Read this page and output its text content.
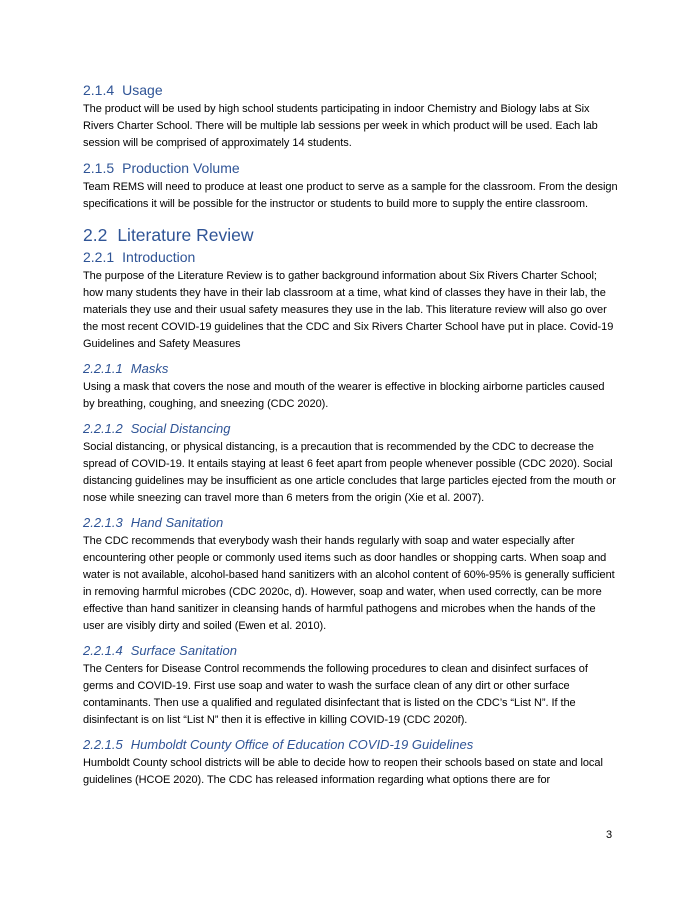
2.1.4 Usage

The product will be used by high school students participating in indoor Chemistry and Biology labs at Six Rivers Charter School. There will be multiple lab sessions per week in which product will be used. Each lab session will be comprised of approximately 14 students.

2.1.5 Production Volume

Team REMS will need to produce at least one product to serve as a sample for the classroom. From the design specifications it will be possible for the instructor or students to build more to supply the entire classroom.

2.2 Literature Review
2.2.1 Introduction

The purpose of the Literature Review is to gather background information about Six Rivers Charter School; how many students they have in their lab classroom at a time, what kind of classes they have in their lab, the materials they use and their usual safety measures they use in the lab. This literature review will also go over the most recent COVID-19 guidelines that the CDC and Six Rivers Charter School have put in place. Covid-19 Guidelines and Safety Measures

2.2.1.1 Masks

Using a mask that covers the nose and mouth of the wearer is effective in blocking airborne particles caused by breathing, coughing, and sneezing (CDC 2020).

2.2.1.2 Social Distancing

Social distancing, or physical distancing, is a precaution that is recommended by the CDC to decrease the spread of COVID-19. It entails staying at least 6 feet apart from people whenever possible (CDC 2020). Social distancing guidelines may be insufficient as one article concludes that large particles ejected from the mouth or nose while sneezing can travel more than 6 meters from the origin (Xie et al. 2007).

2.2.1.3 Hand Sanitation

The CDC recommends that everybody wash their hands regularly with soap and water especially after encountering other people or commonly used items such as door handles or shopping carts. When soap and water is not available, alcohol-based hand sanitizers with an alcohol content of 60%-95% is generally sufficient in removing harmful microbes (CDC 2020c, d). However, soap and water, when used correctly, can be more effective than hand sanitizer in cleansing hands of harmful pathogens and microbes when the hands of the user are visibly dirty and soiled (Ewen et al. 2010).

2.2.1.4 Surface Sanitation

The Centers for Disease Control recommends the following procedures to clean and disinfect surfaces of germs and COVID-19. First use soap and water to wash the surface clean of any dirt or other surface contaminants. Then use a qualified and regulated disinfectant that is listed on the CDC’s “List N”. If the disinfectant is on list “List N” then it is effective in killing COVID-19 (CDC 2020f).

2.2.1.5 Humboldt County Office of Education COVID-19 Guidelines

Humboldt County school districts will be able to decide how to reopen their schools based on state and local guidelines (HCOE 2020). The CDC has released information regarding what options there are for

3
